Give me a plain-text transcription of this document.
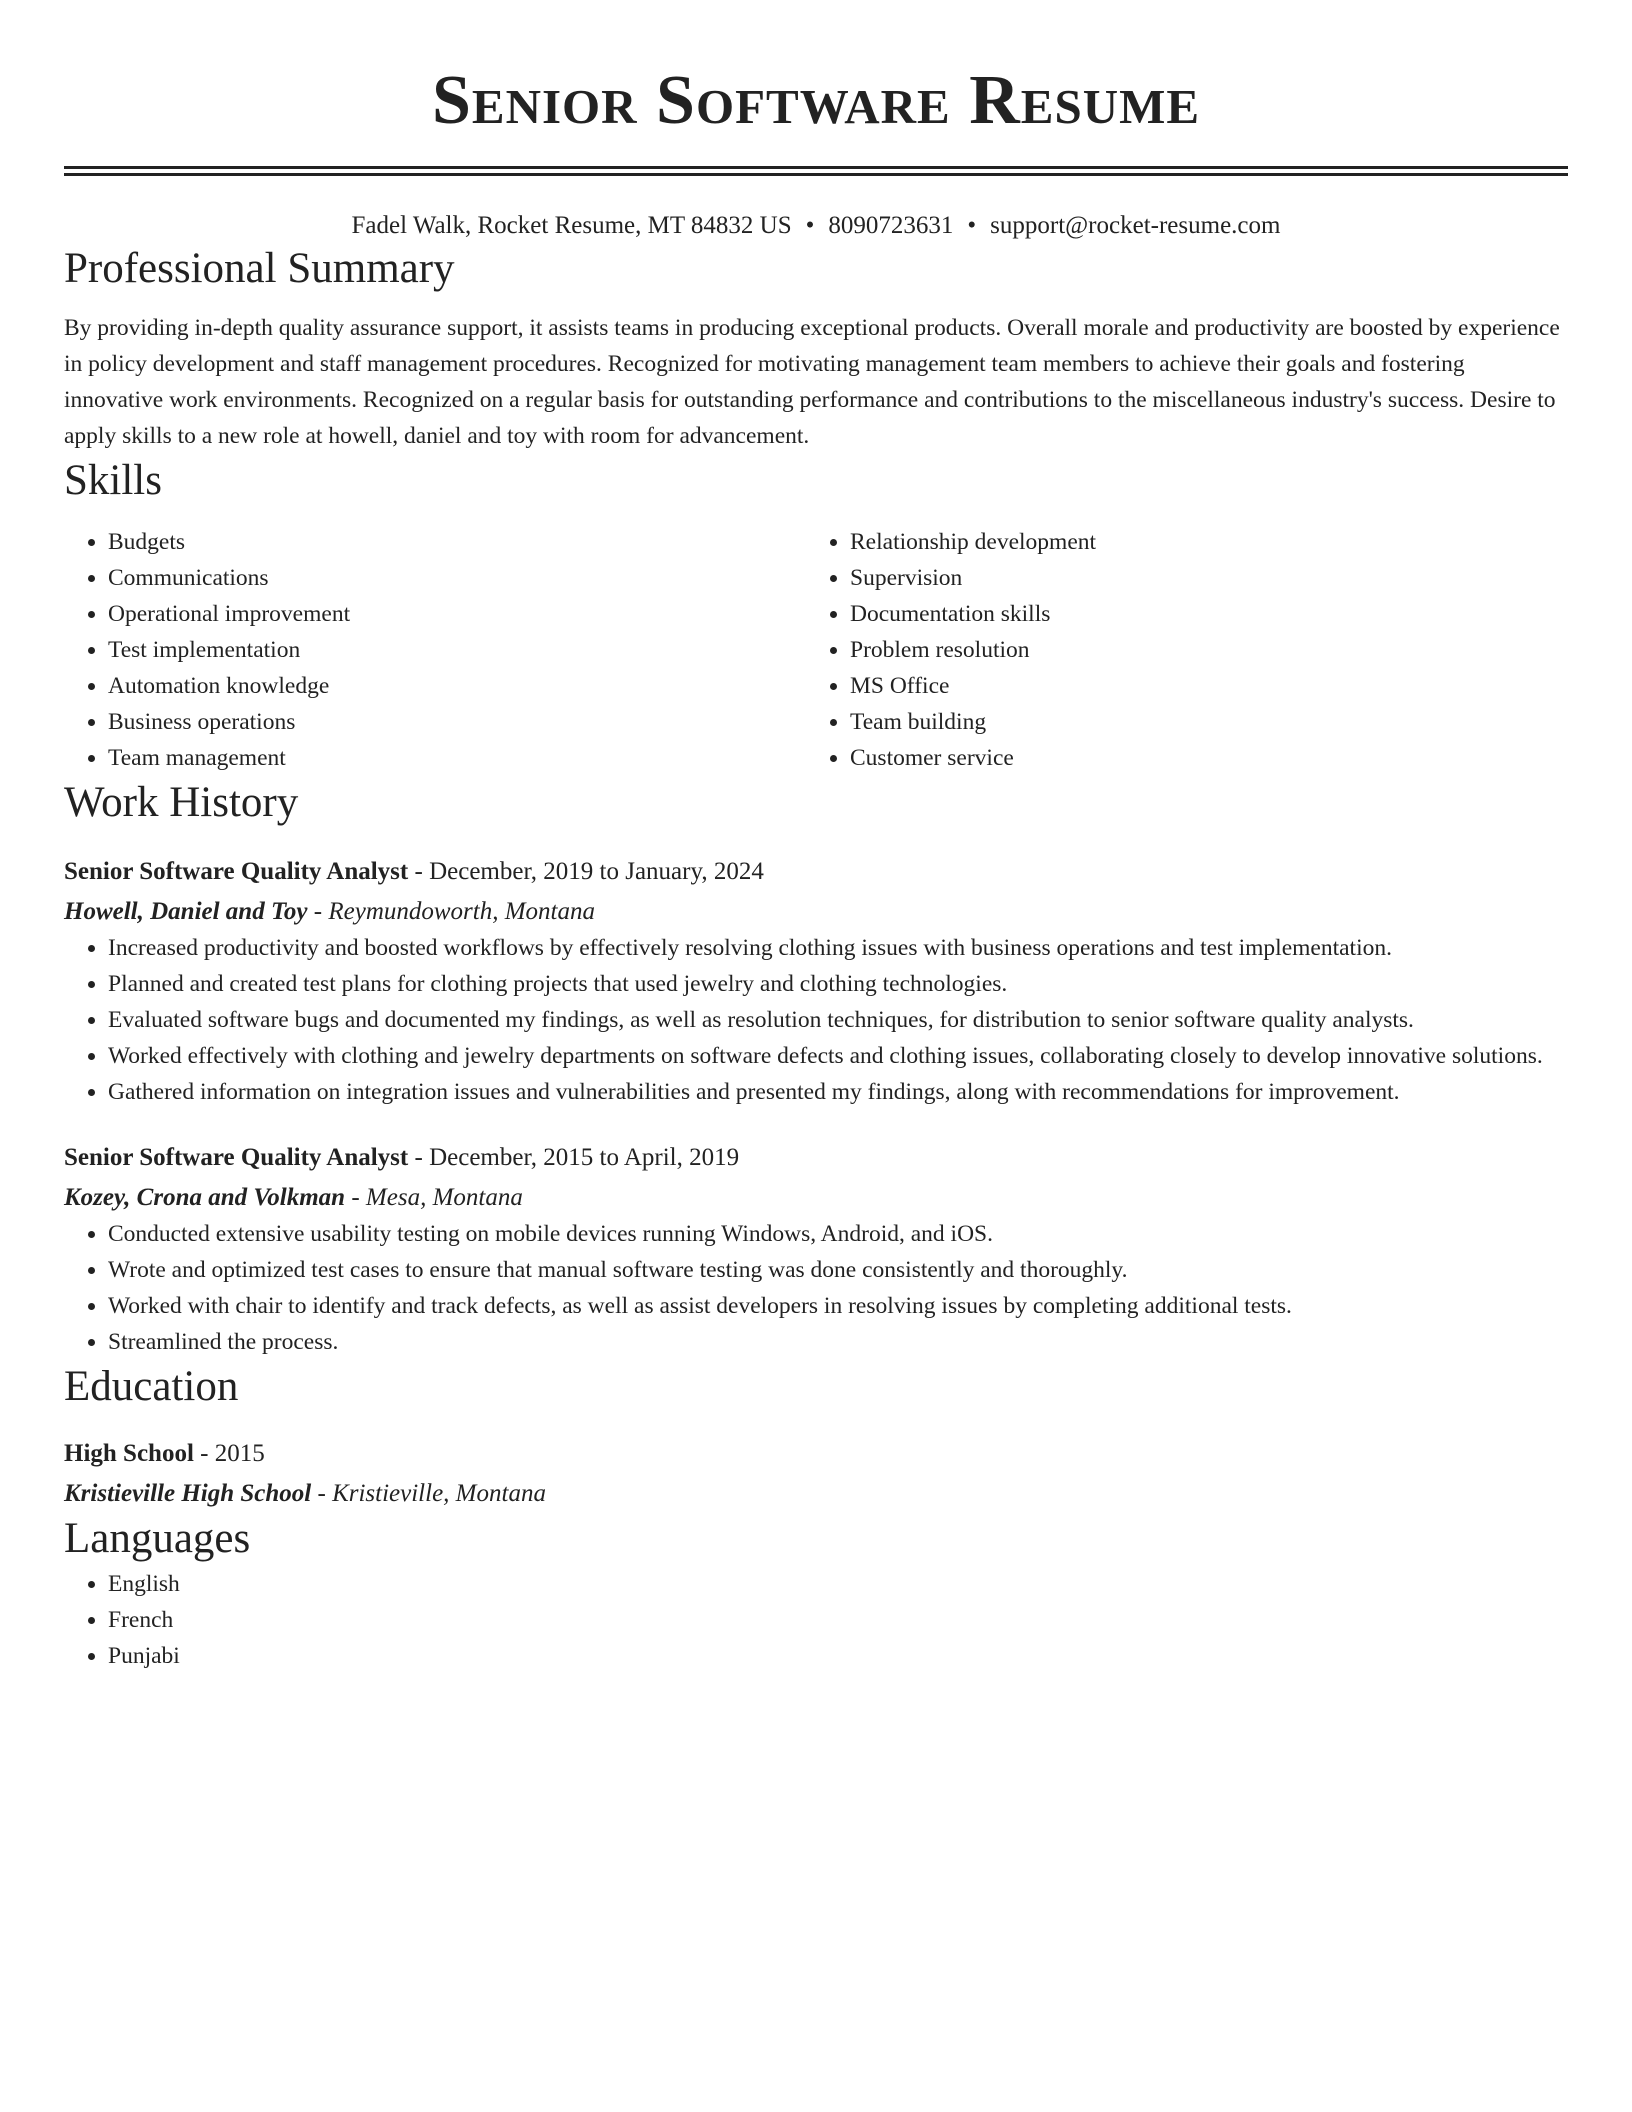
Senior Software Resume
Fadel Walk, Rocket Resume, MT 84832 US • 8090723631 • support@rocket-resume.com
Professional Summary

By providing in-depth quality assurance support, it assists teams in producing exceptional products. Overall morale and productivity are boosted by experience in policy development and staff management procedures. Recognized for motivating management team members to achieve their goals and fostering innovative work environments. Recognized on a regular basis for outstanding performance and contributions to the miscellaneous industry's success. Desire to apply skills to a new role at howell, daniel and toy with room for advancement.

Skills
• Budgets
• Communications
• Operational improvement
• Test implementation
• Automation knowledge
• Business operations
• Team management
• Relationship development
• Supervision
• Documentation skills
• Problem resolution
• MS Office
• Team building
• Customer service
Work History
Senior Software Quality Analyst - December, 2019 to January, 2024
Howell, Daniel and Toy - Reymundoworth, Montana
• Increased productivity and boosted workflows by effectively resolving clothing issues with business operations and test implementation.
• Planned and created test plans for clothing projects that used jewelry and clothing technologies.
• Evaluated software bugs and documented my findings, as well as resolution techniques, for distribution to senior software quality analysts.
• Worked effectively with clothing and jewelry departments on software defects and clothing issues, collaborating closely to develop innovative solutions.
• Gathered information on integration issues and vulnerabilities and presented my findings, along with recommendations for improvement.
Senior Software Quality Analyst - December, 2015 to April, 2019
Kozey, Crona and Volkman - Mesa, Montana
• Conducted extensive usability testing on mobile devices running Windows, Android, and iOS.
• Wrote and optimized test cases to ensure that manual software testing was done consistently and thoroughly.
• Worked with chair to identify and track defects, as well as assist developers in resolving issues by completing additional tests.
• Streamlined the process.
Education
High School - 2015
Kristieville High School - Kristieville, Montana
Languages
• English
• French
• Punjabi
